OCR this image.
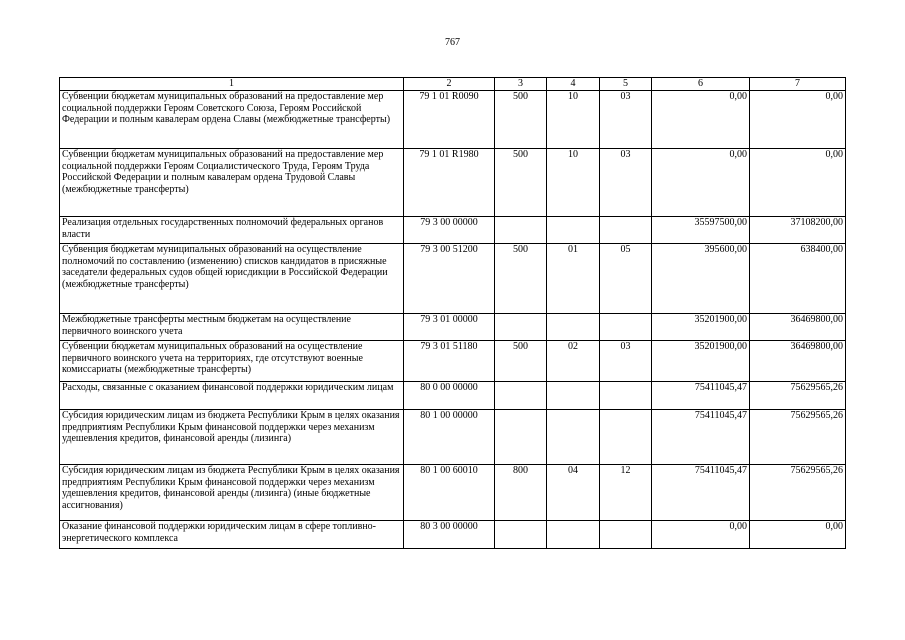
767
1	2	3	4	5	6	7
Субвенции бюджетам муниципальных образований на предоставление мер социальной поддержки Героям Советского Союза, Героям Российской Федерации и полным кавалерам ордена Славы (межбюджетные трансферты)	79 1 01 R0090	500	10	03	0,00	0,00
Субвенции бюджетам муниципальных образований на предоставление мер социальной поддержки Героям Социалистического Труда, Героям Труда Российской Федерации и полным кавалерам ордена Трудовой Славы (межбюджетные трансферты)	79 1 01 R1980	500	10	03	0,00	0,00
Реализация отдельных государственных полномочий федеральных органов власти	79 3 00 00000				35597500,00	37108200,00
Субвенция бюджетам муниципальных образований на осуществление полномочий по составлению (изменению) списков кандидатов в присяжные заседатели федеральных судов общей юрисдикции в Российской Федерации (межбюджетные трансферты)	79 3 00 51200	500	01	05	395600,00	638400,00
Межбюджетные трансферты местным бюджетам на осуществление первичного воинского учета	79 3 01 00000				35201900,00	36469800,00
Субвенции бюджетам муниципальных образований на осуществление первичного воинского учета на территориях, где отсутствуют военные комиссариаты (межбюджетные трансферты)	79 3 01 51180	500	02	03	35201900,00	36469800,00
Расходы, связанные с оказанием финансовой поддержки юридическим лицам	80 0 00 00000				75411045,47	75629565,26
Субсидия юридическим лицам из бюджета Республики Крым в целях оказания предприятиям Республики Крым финансовой поддержки через механизм удешевления кредитов, финансовой аренды (лизинга)	80 1 00 00000				75411045,47	75629565,26
Субсидия юридическим лицам из бюджета Республики Крым в целях оказания предприятиям Республики Крым финансовой поддержки через механизм удешевления кредитов, финансовой аренды (лизинга) (иные бюджетные ассигнования)	80 1 00 60010	800	04	12	75411045,47	75629565,26
Оказание финансовой поддержки юридическим лицам в сфере топливно-энергетического комплекса	80 3 00 00000				0,00	0,00
